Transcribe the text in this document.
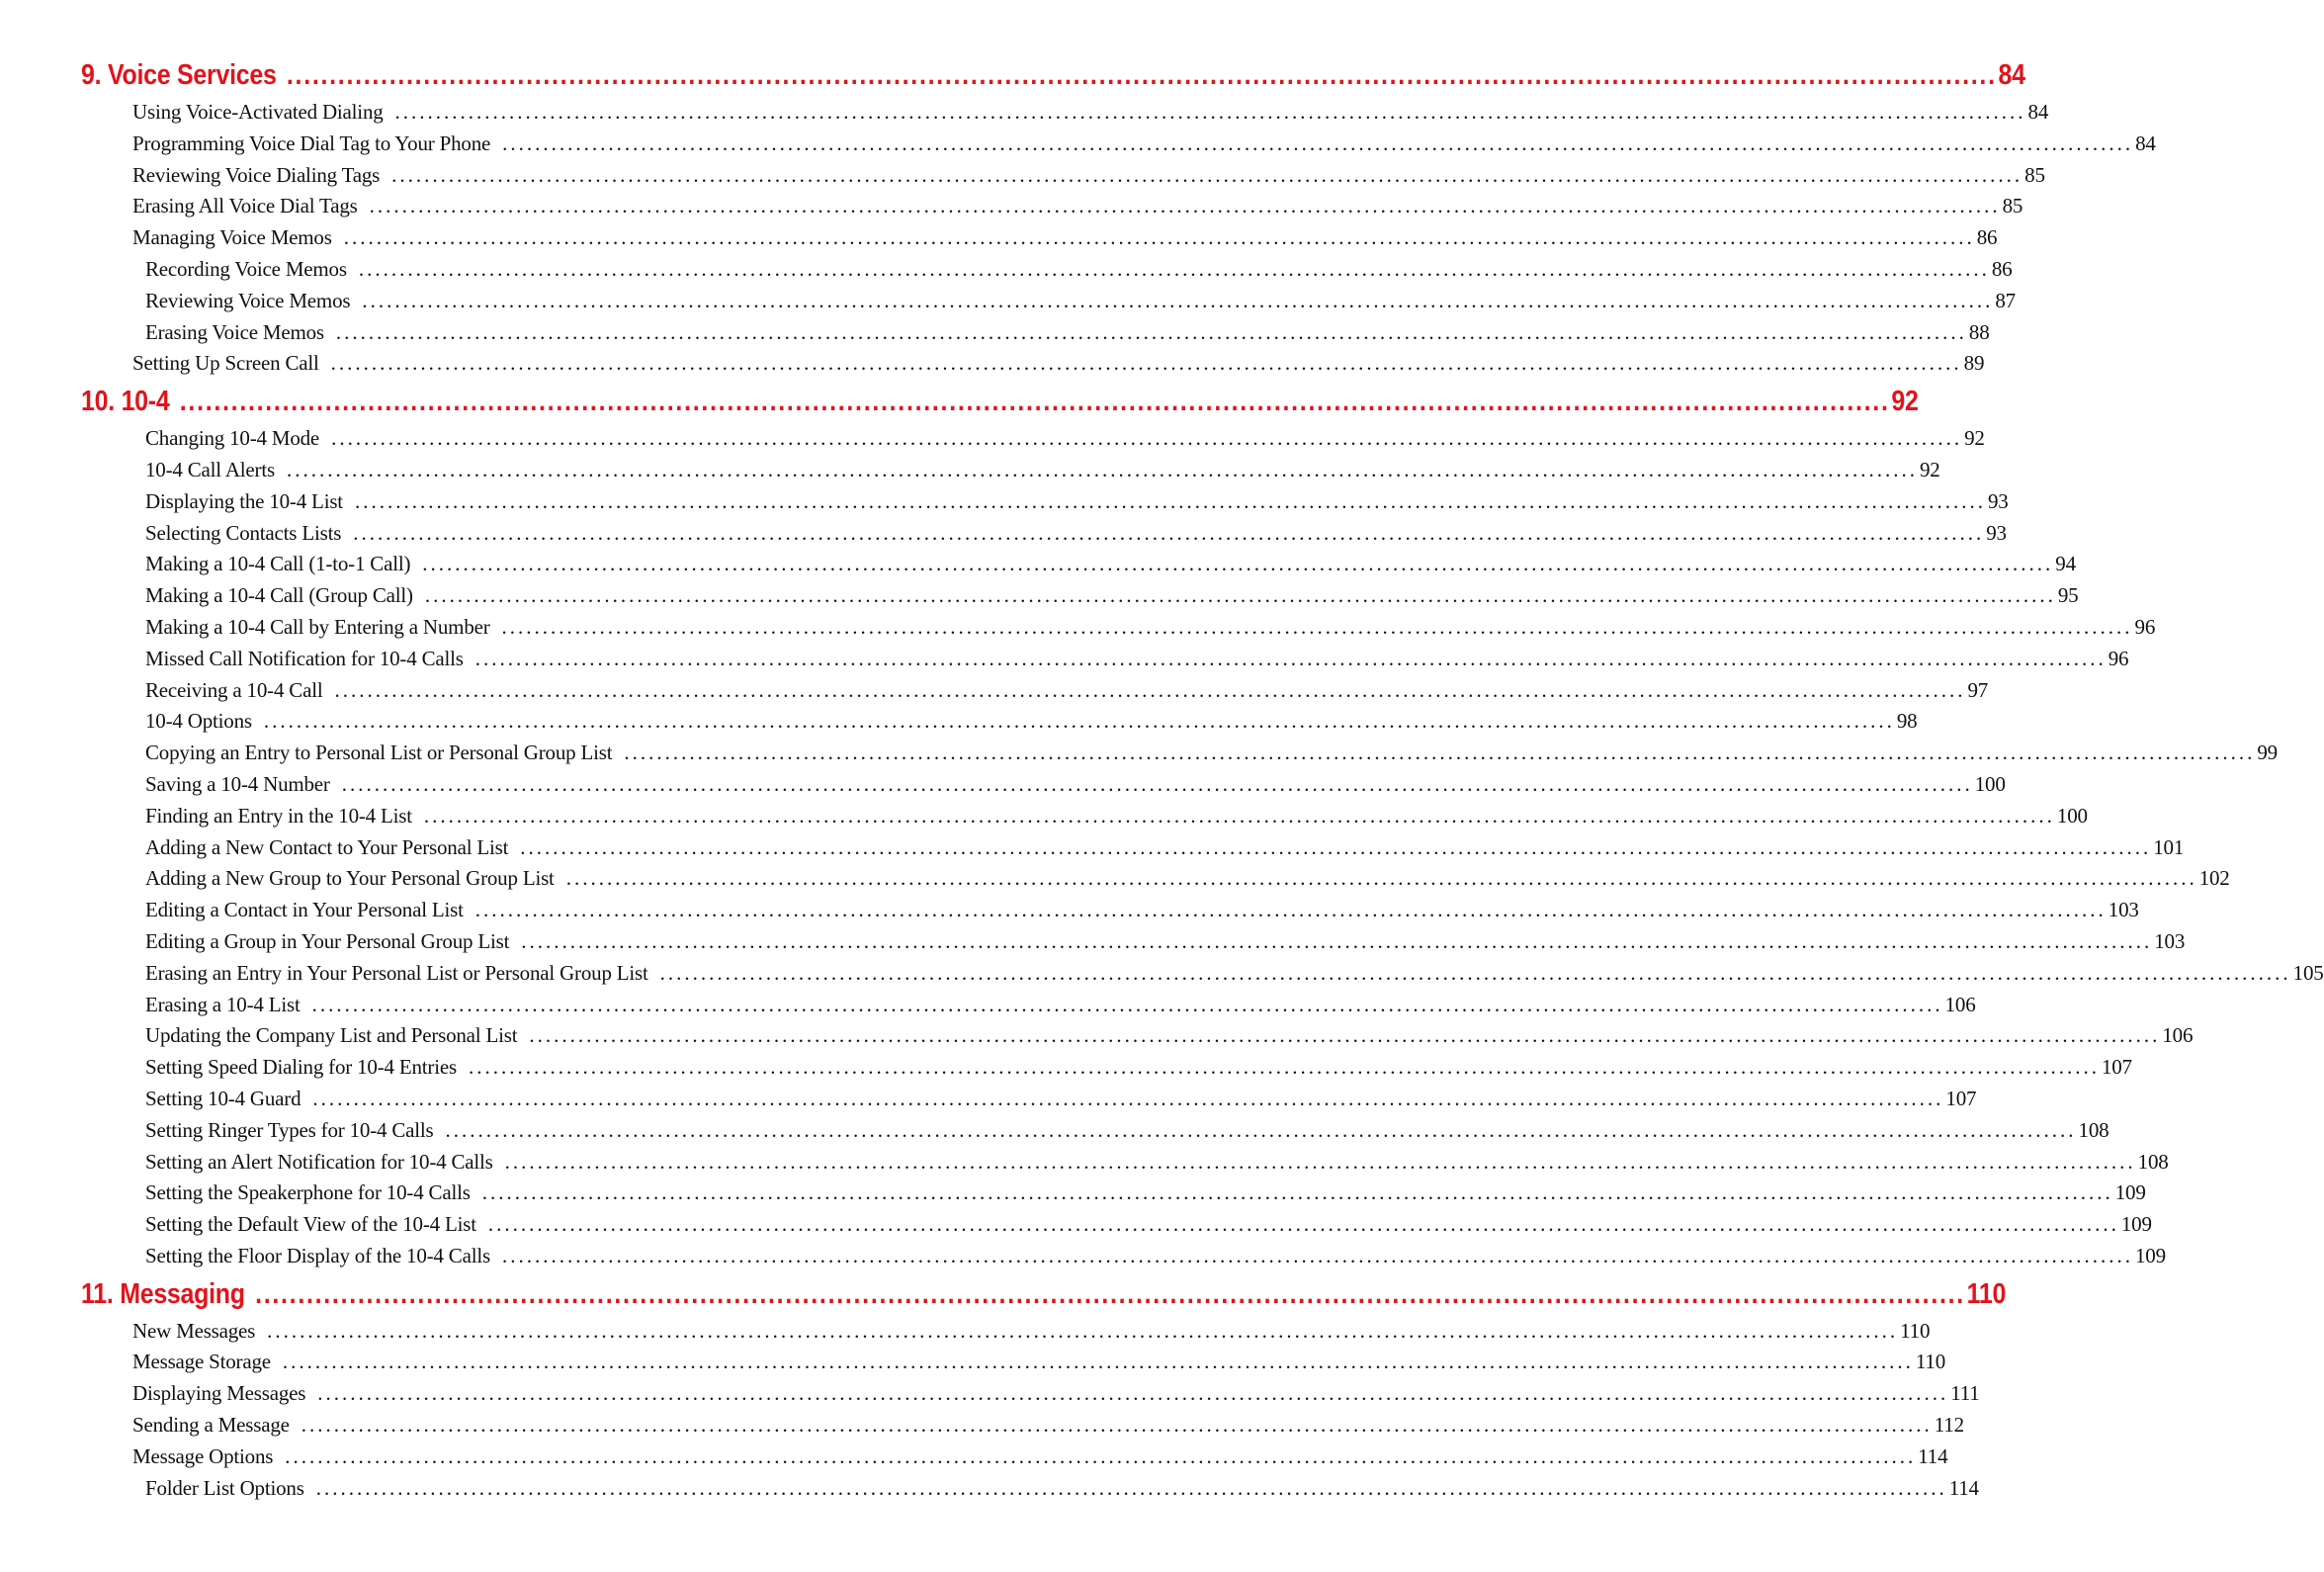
9. Voice Services ........................................................................................................................................................................................................ 84
Using Voice-Activated Dialing ........................................................................................................................................................................................................ 84
Programming Voice Dial Tag to Your Phone ........................................................................................................................................................................................................ 84
Reviewing Voice Dialing Tags ........................................................................................................................................................................................................ 85
Erasing All Voice Dial Tags ........................................................................................................................................................................................................ 85
Managing Voice Memos ........................................................................................................................................................................................................ 86
Recording Voice Memos ........................................................................................................................................................................................................ 86
Reviewing Voice Memos ........................................................................................................................................................................................................ 87
Erasing Voice Memos ........................................................................................................................................................................................................ 88
Setting Up Screen Call ........................................................................................................................................................................................................ 89
10. 10-4 ........................................................................................................................................................................................................ 92
Changing 10-4 Mode ........................................................................................................................................................................................................ 92
10-4 Call Alerts ........................................................................................................................................................................................................ 92
Displaying the 10-4 List ........................................................................................................................................................................................................ 93
Selecting Contacts Lists ........................................................................................................................................................................................................ 93
Making a 10-4 Call (1-to-1 Call) ........................................................................................................................................................................................................ 94
Making a 10-4 Call (Group Call) ........................................................................................................................................................................................................ 95
Making a 10-4 Call by Entering a Number ........................................................................................................................................................................................................ 96
Missed Call Notification for 10-4 Calls ........................................................................................................................................................................................................ 96
Receiving a 10-4 Call ........................................................................................................................................................................................................ 97
10-4 Options ........................................................................................................................................................................................................ 98
Copying an Entry to Personal List or Personal Group List ........................................................................................................................................................................................................ 99
Saving a 10-4 Number ........................................................................................................................................................................................................ 100
Finding an Entry in the 10-4 List ........................................................................................................................................................................................................ 100
Adding a New Contact to Your Personal List ........................................................................................................................................................................................................ 101
Adding a New Group to Your Personal Group List ........................................................................................................................................................................................................ 102
Editing a Contact in Your Personal List ........................................................................................................................................................................................................ 103
Editing a Group in Your Personal Group List ........................................................................................................................................................................................................ 103
Erasing an Entry in Your Personal List or Personal Group List ........................................................................................................................................................................................................ 105
Erasing a 10-4 List ........................................................................................................................................................................................................ 106
Updating the Company List and Personal List ........................................................................................................................................................................................................ 106
Setting Speed Dialing for 10-4 Entries ........................................................................................................................................................................................................ 107
Setting 10-4 Guard ........................................................................................................................................................................................................ 107
Setting Ringer Types for 10-4 Calls ........................................................................................................................................................................................................ 108
Setting an Alert Notification for 10-4 Calls ........................................................................................................................................................................................................ 108
Setting the Speakerphone for 10-4 Calls ........................................................................................................................................................................................................ 109
Setting the Default View of the 10-4 List ........................................................................................................................................................................................................ 109
Setting the Floor Display of the 10-4 Calls ........................................................................................................................................................................................................ 109
11. Messaging ........................................................................................................................................................................................................ 110
New Messages ........................................................................................................................................................................................................ 110
Message Storage ........................................................................................................................................................................................................ 110
Displaying Messages ........................................................................................................................................................................................................ 111
Sending a Message ........................................................................................................................................................................................................ 112
Message Options ........................................................................................................................................................................................................ 114
Folder List Options ........................................................................................................................................................................................................ 114
